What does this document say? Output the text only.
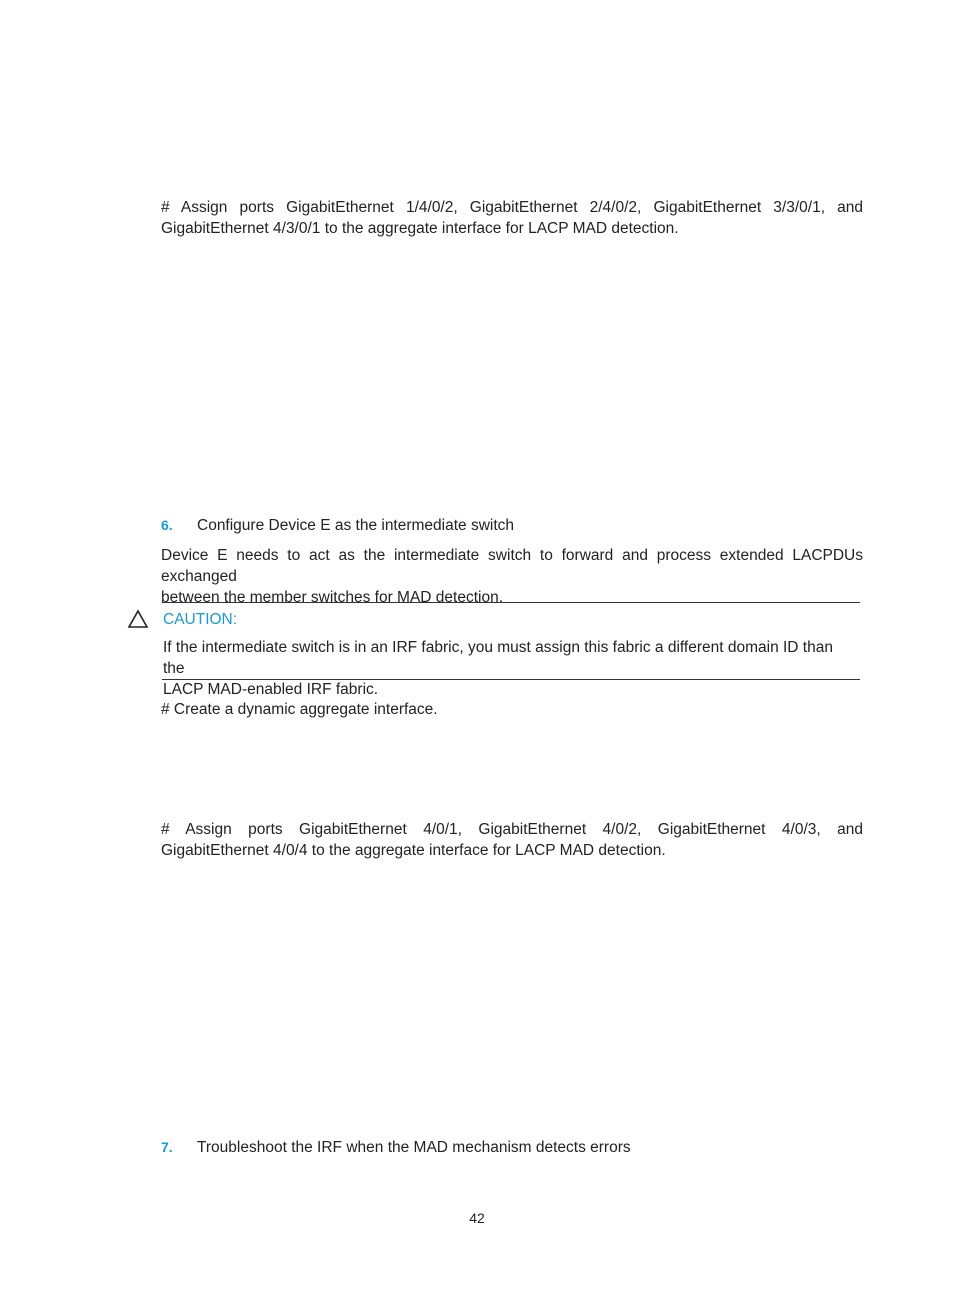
# Assign ports GigabitEthernet 1/4/0/2, GigabitEthernet 2/4/0/2, GigabitEthernet 3/3/0/1, and
GigabitEthernet 4/3/0/1 to the aggregate interface for LACP MAD detection.
6. Configure Device E as the intermediate switch
Device E needs to act as the intermediate switch to forward and process extended LACPDUs exchanged
between the member switches for MAD detection.
CAUTION:
If the intermediate switch is in an IRF fabric, you must assign this fabric a different domain ID than the
LACP MAD-enabled IRF fabric.
# Create a dynamic aggregate interface.
# Assign ports GigabitEthernet 4/0/1, GigabitEthernet 4/0/2, GigabitEthernet 4/0/3, and
GigabitEthernet 4/0/4 to the aggregate interface for LACP MAD detection.
7. Troubleshoot the IRF when the MAD mechanism detects errors
42
